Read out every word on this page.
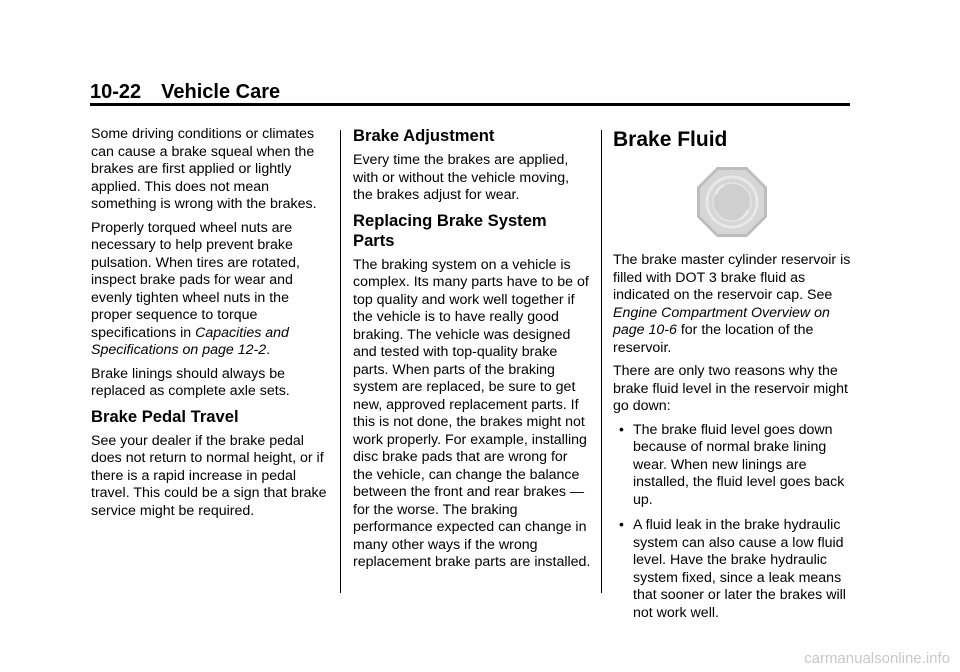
10-22 Vehicle Care

Some driving conditions or climates can cause a brake squeal when the brakes are first applied or lightly applied. This does not mean something is wrong with the brakes.

Properly torqued wheel nuts are necessary to help prevent brake pulsation. When tires are rotated, inspect brake pads for wear and evenly tighten wheel nuts in the proper sequence to torque specifications in Capacities and Specifications on page 12-2.

Brake linings should always be replaced as complete axle sets.

Brake Pedal Travel

See your dealer if the brake pedal does not return to normal height, or if there is a rapid increase in pedal travel. This could be a sign that brake service might be required.

Brake Adjustment

Every time the brakes are applied, with or without the vehicle moving, the brakes adjust for wear.

Replacing Brake System Parts

The braking system on a vehicle is complex. Its many parts have to be of top quality and work well together if the vehicle is to have really good braking. The vehicle was designed and tested with top-quality brake parts. When parts of the braking system are replaced, be sure to get new, approved replacement parts. If this is not done, the brakes might not work properly. For example, installing disc brake pads that are wrong for the vehicle, can change the balance between the front and rear brakes — for the worse. The braking performance expected can change in many other ways if the wrong replacement brake parts are installed.

Brake Fluid

The brake master cylinder reservoir is filled with DOT 3 brake fluid as indicated on the reservoir cap. See Engine Compartment Overview on page 10-6 for the location of the reservoir.

There are only two reasons why the brake fluid level in the reservoir might go down:

• The brake fluid level goes down because of normal brake lining wear. When new linings are installed, the fluid level goes back up.
• A fluid leak in the brake hydraulic system can also cause a low fluid level. Have the brake hydraulic system fixed, since a leak means that sooner or later the brakes will not work well.
carmanualsonline.info
